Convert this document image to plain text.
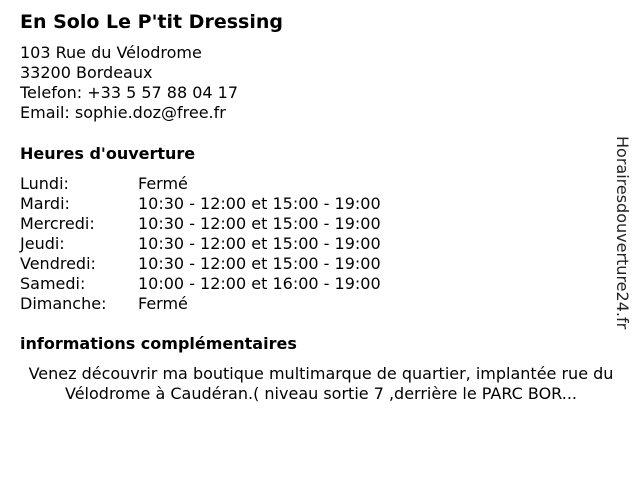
En Solo Le P'tit Dressing
103 Rue du Vélodrome
33200 Bordeaux
Telefon: +33 5 57 88 04 17
Email: sophie.doz@free.fr
Heures d'ouverture
Lundi:	Fermé
Mardi:	10:30 - 12:00 et 15:00 - 19:00
Mercredi:	10:30 - 12:00 et 15:00 - 19:00
Jeudi:	10:30 - 12:00 et 15:00 - 19:00
Vendredi:	10:30 - 12:00 et 15:00 - 19:00
Samedi:	10:00 - 12:00 et 16:00 - 19:00
Dimanche:	Fermé
informations complémentaires
Venez découvrir ma boutique multimarque de quartier, implantée rue du Vélodrome à Caudéran.( niveau sortie 7 ,derrière le PARC BOR...
Horairesdouverture24.fr
